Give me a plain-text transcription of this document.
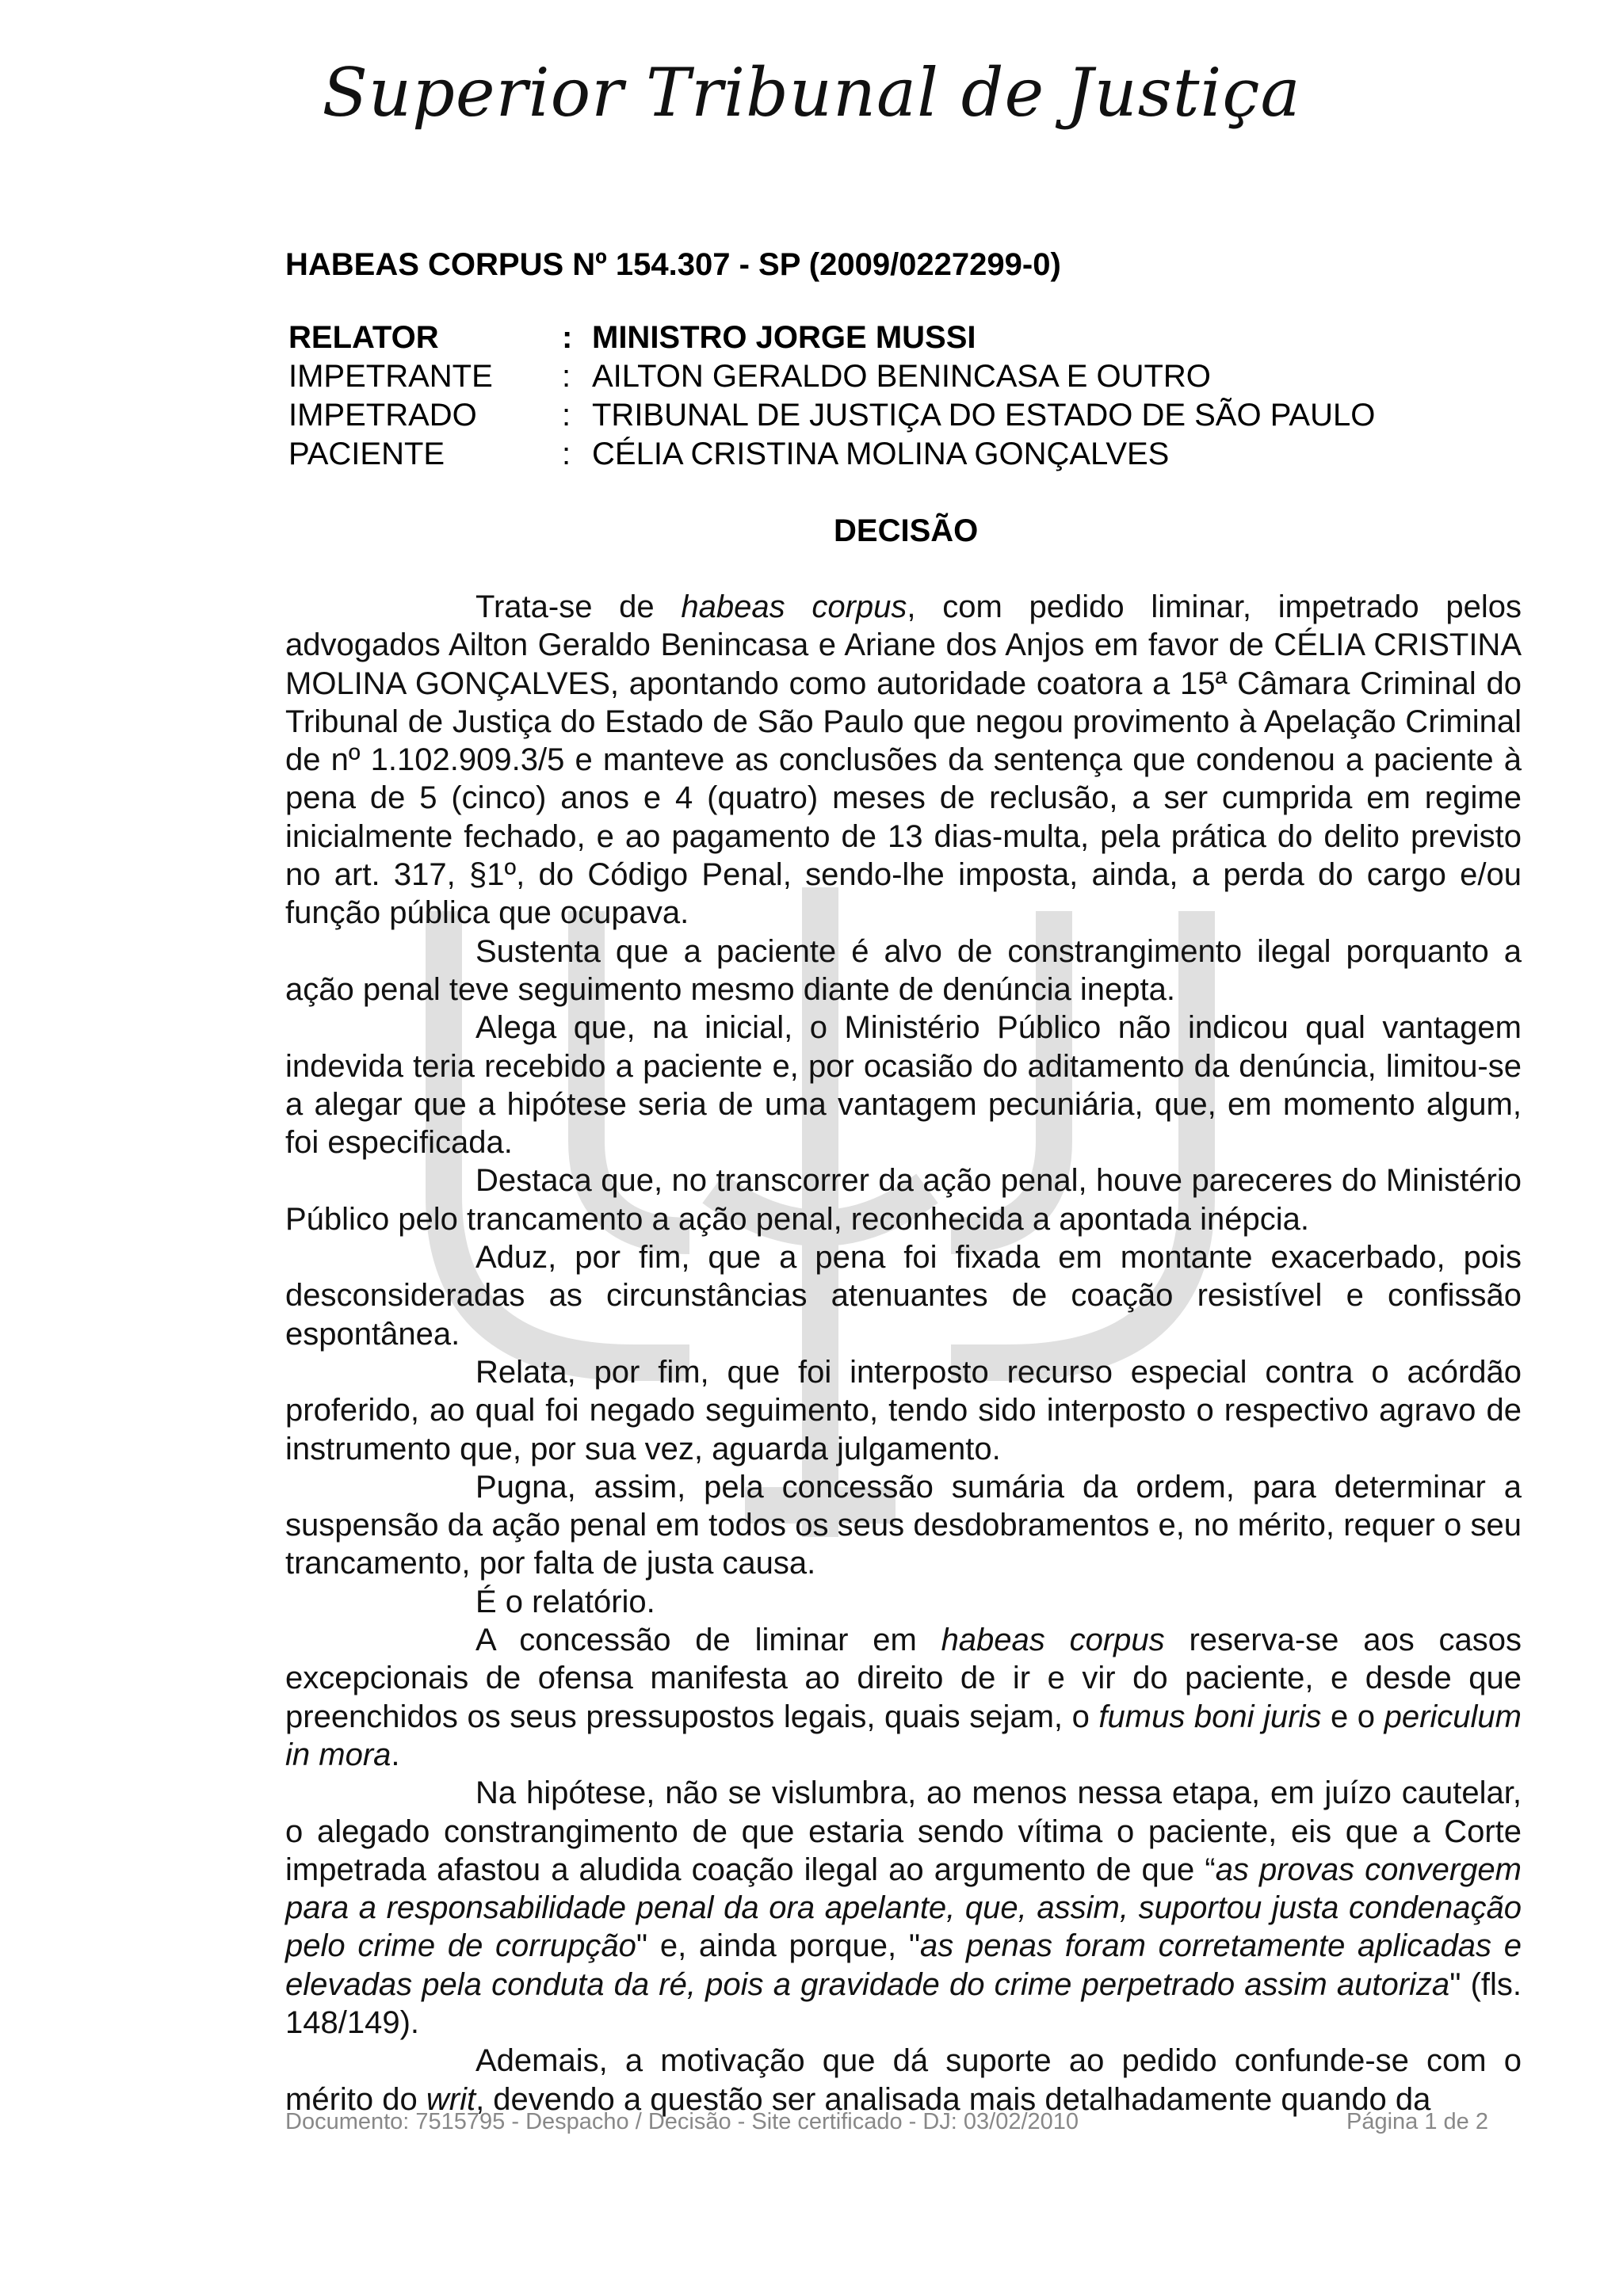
Superior Tribunal de Justiça
HABEAS CORPUS Nº 154.307 - SP (2009/0227299-0)
RELATOR	: MINISTRO JORGE MUSSI
IMPETRANTE	: AILTON GERALDO BENINCASA E OUTRO
IMPETRADO	: TRIBUNAL DE JUSTIÇA DO ESTADO DE SÃO PAULO
PACIENTE	: CÉLIA CRISTINA MOLINA GONÇALVES
DECISÃO

Trata-se de habeas corpus, com pedido liminar, impetrado pelos advogados Ailton Geraldo Benincasa e Ariane dos Anjos em favor de CÉLIA CRISTINA MOLINA GONÇALVES, apontando como autoridade coatora a 15ª Câmara Criminal do Tribunal de Justiça do Estado de São Paulo que negou provimento à Apelação Criminal de nº 1.102.909.3/5 e manteve as conclusões da sentença que condenou a paciente à pena de 5 (cinco) anos e 4 (quatro) meses de reclusão, a ser cumprida em regime inicialmente fechado, e ao pagamento de 13 dias-multa, pela prática do delito previsto no art. 317, §1º, do Código Penal, sendo-lhe imposta, ainda, a perda do cargo e/ou função pública que ocupava.

Sustenta que a paciente é alvo de constrangimento ilegal porquanto a ação penal teve seguimento mesmo diante de denúncia inepta.

Alega que, na inicial, o Ministério Público não indicou qual vantagem indevida teria recebido a paciente e, por ocasião do aditamento da denúncia, limitou-se a alegar que a hipótese seria de uma vantagem pecuniária, que, em momento algum, foi especificada.

Destaca que, no transcorrer da ação penal, houve pareceres do Ministério Público pelo trancamento a ação penal, reconhecida a apontada inépcia.

Aduz, por fim, que a pena foi fixada em montante exacerbado, pois desconsideradas as circunstâncias atenuantes de coação resistível e confissão espontânea.

Relata, por fim, que foi interposto recurso especial contra o acórdão proferido, ao qual foi negado seguimento, tendo sido interposto o respectivo agravo de instrumento que, por sua vez, aguarda julgamento.

Pugna, assim, pela concessão sumária da ordem, para determinar a suspensão da ação penal em todos os seus desdobramentos e, no mérito, requer o seu trancamento, por falta de justa causa.

É o relatório.

A concessão de liminar em habeas corpus reserva-se aos casos excepcionais de ofensa manifesta ao direito de ir e vir do paciente, e desde que preenchidos os seus pressupostos legais, quais sejam, o fumus boni juris e o periculum in mora.

Na hipótese, não se vislumbra, ao menos nessa etapa, em juízo cautelar, o alegado constrangimento de que estaria sendo vítima o paciente, eis que a Corte impetrada afastou a aludida coação ilegal ao argumento de que “as provas convergem para a responsabilidade penal da ora apelante, que, assim, suportou justa condenação pelo crime de corrupção" e, ainda porque, "as penas foram corretamente aplicadas e elevadas pela conduta da ré, pois a gravidade do crime perpetrado assim autoriza" (fls. 148/149).

Ademais, a motivação que dá suporte ao pedido confunde-se com o mérito do writ, devendo a questão ser analisada mais detalhadamente quando da

Documento: 7515795 - Despacho / Decisão - Site certificado - DJ: 03/02/2010	Página 1 de 2
